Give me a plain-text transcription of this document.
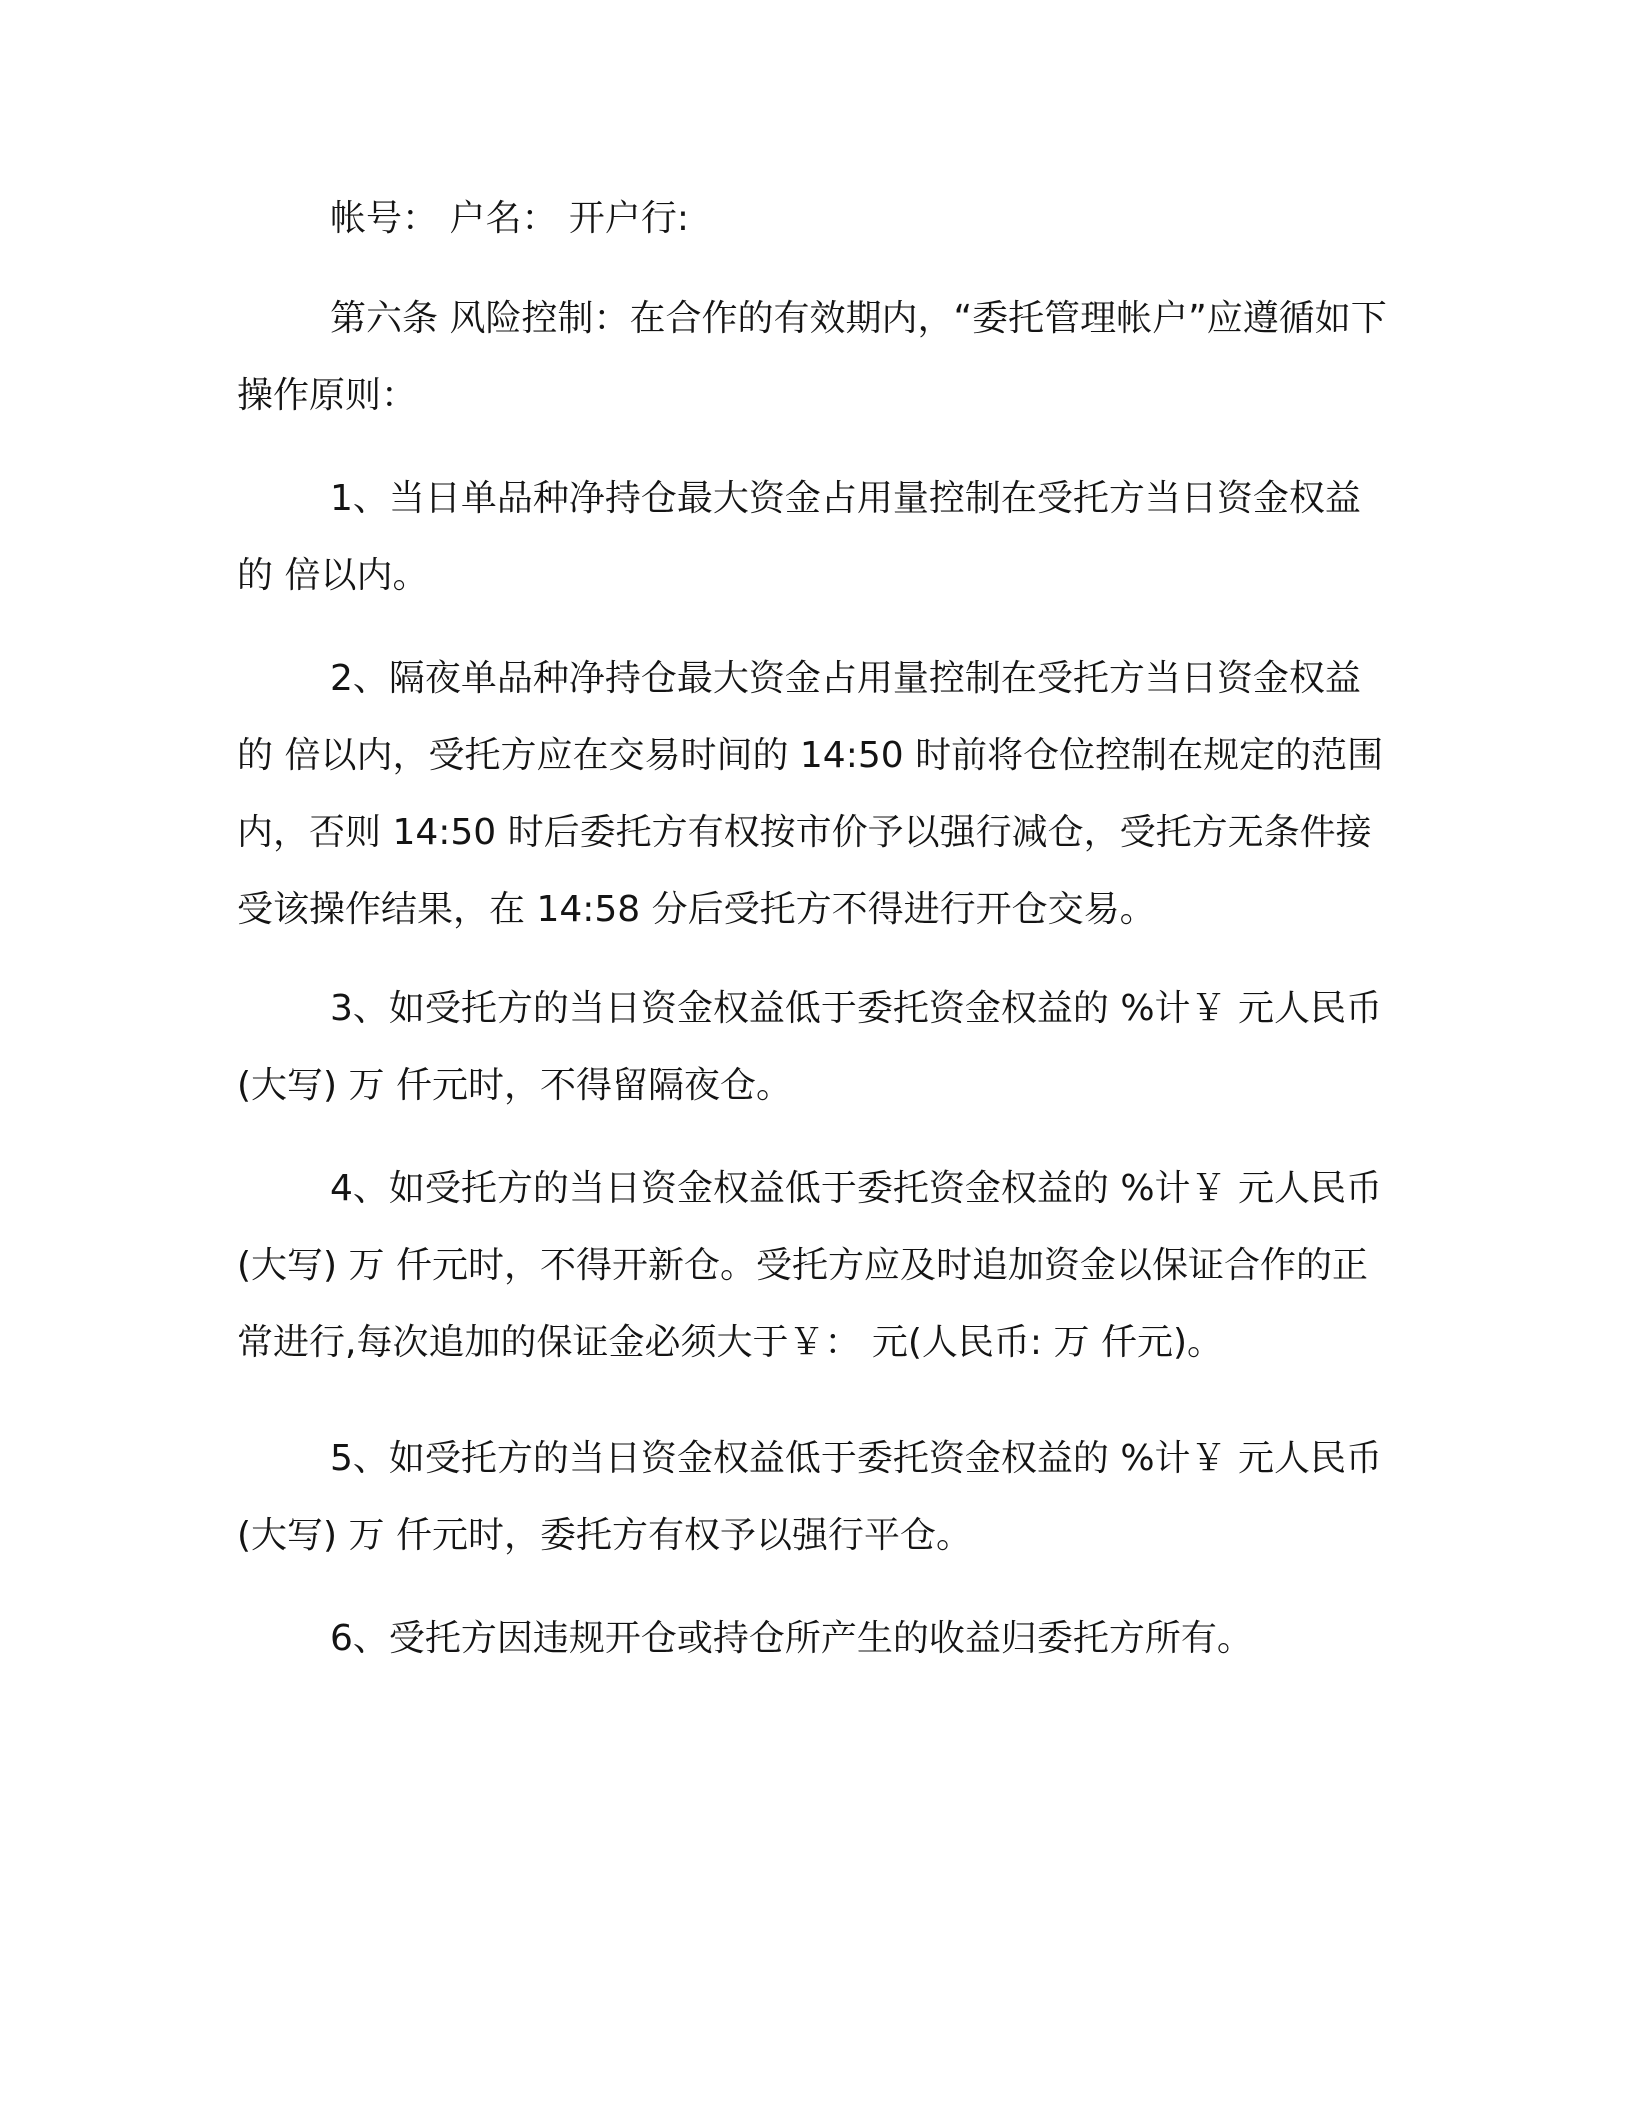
帐号： 户名： 开户行:

第六条 风险控制：在合作的有效期内，“委托管理帐户”应遵循如下操作原则：

1、当日单品种净持仓最大资金占用量控制在受托方当日资金权益的 倍以内。

2、隔夜单品种净持仓最大资金占用量控制在受托方当日资金权益的 倍以内，受托方应在交易时间的 14:50 时前将仓位控制在规定的范围内，否则 14:50 时后委托方有权按市价予以强行减仓，受托方无条件接受该操作结果，在 14:58 分后受托方不得进行开仓交易。

3、如受托方的当日资金权益低于委托资金权益的 %计￥ 元人民币(大写) 万 仟元时，不得留隔夜仓。

4、如受托方的当日资金权益低于委托资金权益的 %计￥ 元人民币(大写) 万 仟元时，不得开新仓。受托方应及时追加资金以保证合作的正常进行,每次追加的保证金必须大于￥： 元(人民币: 万 仟元)。

5、如受托方的当日资金权益低于委托资金权益的 %计￥ 元人民币(大写) 万 仟元时，委托方有权予以强行平仓。

6、受托方因违规开仓或持仓所产生的收益归委托方所有。
